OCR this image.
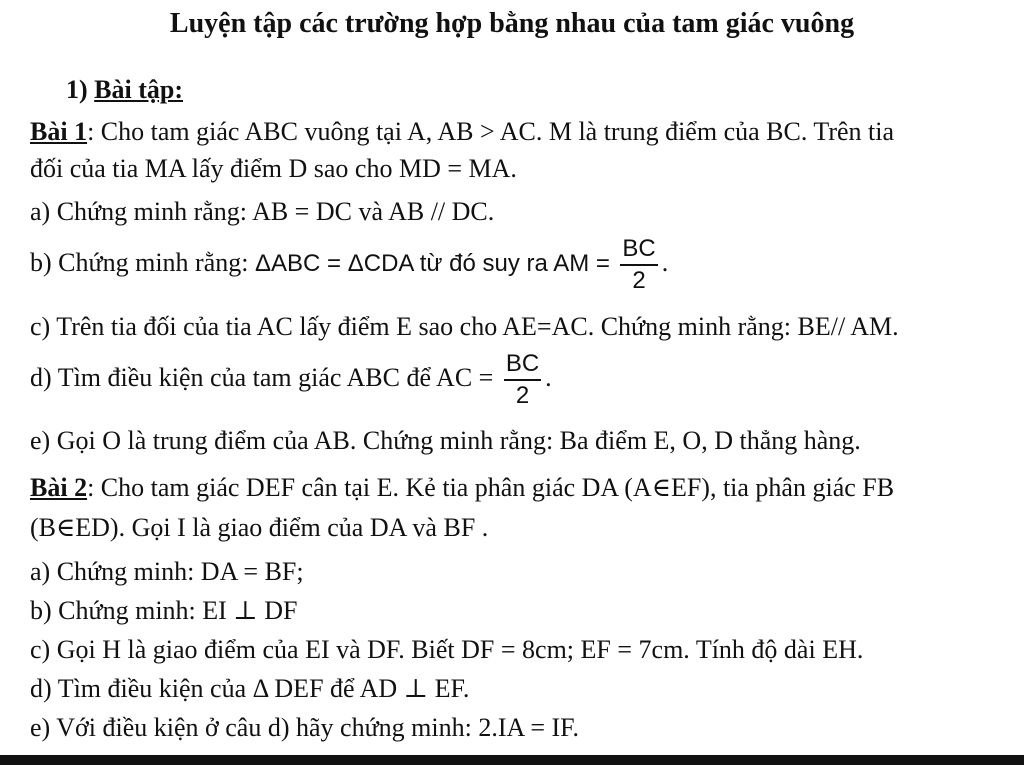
Luyện tập các trường hợp bằng nhau của tam giác vuông
1) Bài tập:
Bài 1: Cho tam giác ABC vuông tại A, AB > AC. M là trung điểm của BC. Trên tia
đối của tia MA lấy điểm D sao cho MD = MA.
a) Chứng minh rằng: AB = DC và AB // DC.
b) Chứng minh rằng: ΔABC = ΔCDA từ đó suy ra AM = $\frac{BC}{2}$ .
c) Trên tia đối của tia AC lấy điểm E sao cho AE=AC. Chứng minh rằng: BE// AM.
d) Tìm điều kiện của tam giác ABC để AC = $\frac{BC}{2}$ .
e) Gọi O là trung điểm của AB. Chứng minh rằng: Ba điểm E, O, D thẳng hàng.
Bài 2: Cho tam giác DEF cân tại E. Kẻ tia phân giác DA (A∈EF), tia phân giác FB
(B∈ED). Gọi I là giao điểm của DA và BF .
a) Chứng minh: DA = BF;
b) Chứng minh: EI ⊥ DF
c) Gọi H là giao điểm của EI và DF. Biết DF = 8cm; EF = 7cm. Tính độ dài EH.
d) Tìm điều kiện của Δ DEF để AD ⊥ EF.
e) Với điều kiện ở câu d) hãy chứng minh: 2.IA = IF.
